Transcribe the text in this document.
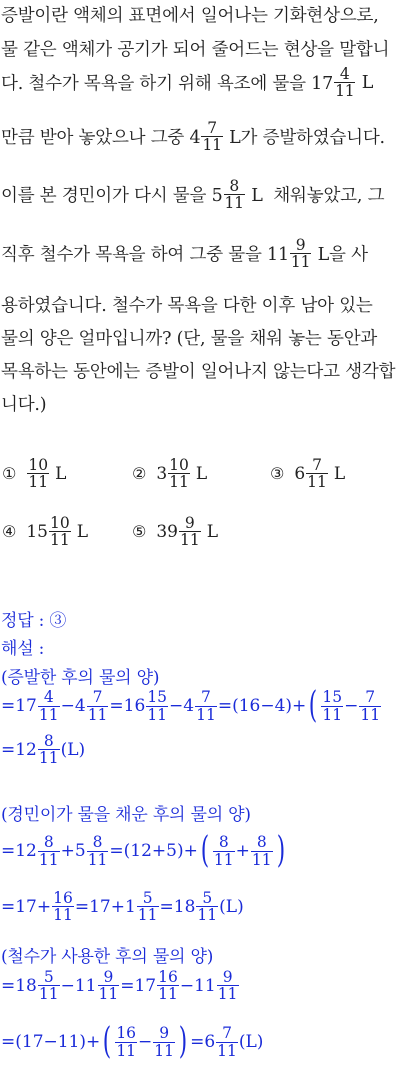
증발이란 액체의 표면에서 일어나는 기화현상으로,
물 같은 액체가 공기가 되어 줄어드는 현상을 말합니
다. 철수가 목욕을 하기 위해 욕조에 물을 $17 \frac{4}{11}$ L
만큼 받아 놓았으나 그중 $4 \frac{7}{11}$ L가 증발하였습니다.
이를 본 경민이가 다시 물을 $5 \frac{8}{11}$ L  채워놓았고, 그
직후 철수가 목욕을 하여 그중 물을 $11 \frac{9}{11}$ L을 사
용하였습니다. 철수가 목욕을 다한 이후 남아 있는
물의 양은 얼마입니까? (단, 물을 채워 놓는 동안과
목욕하는 동안에는 증발이 일어나지 않는다고 생각합
니다.)
① $\frac{10}{11}$ L	② $3 \frac{10}{11}$ L	③ $6 \frac{7}{11}$ L
④ $15 \frac{10}{11}$ L	⑤ $39 \frac{9}{11}$ L
정답 : ③
해설 :
(증발한 후의 물의 양)
$=17 \frac{4}{11} -4 \frac{7}{11} =16 \frac{15}{11} -4 \frac{7}{11} =(16-4)+$ ( $\frac{15}{11} - \frac{7}{11}$
$=12 \frac{8}{11} (L)$
(경민이가 물을 채운 후의 물의 양)
$=12 \frac{8}{11} +5 \frac{8}{11} =(12+5)+$ ( $\frac{8}{11} + \frac{8}{11}$ )
$=17+ \frac{16}{11} =17+1 \frac{5}{11} =18 \frac{5}{11} (L)$
(철수가 사용한 후의 물의 양)
$=18 \frac{5}{11} -11 \frac{9}{11} =17 \frac{16}{11} -11 \frac{9}{11}$
=(17−11)+ ( $\frac{16}{11} - \frac{9}{11}$ ) $=6 \frac{7}{11} (L)$
